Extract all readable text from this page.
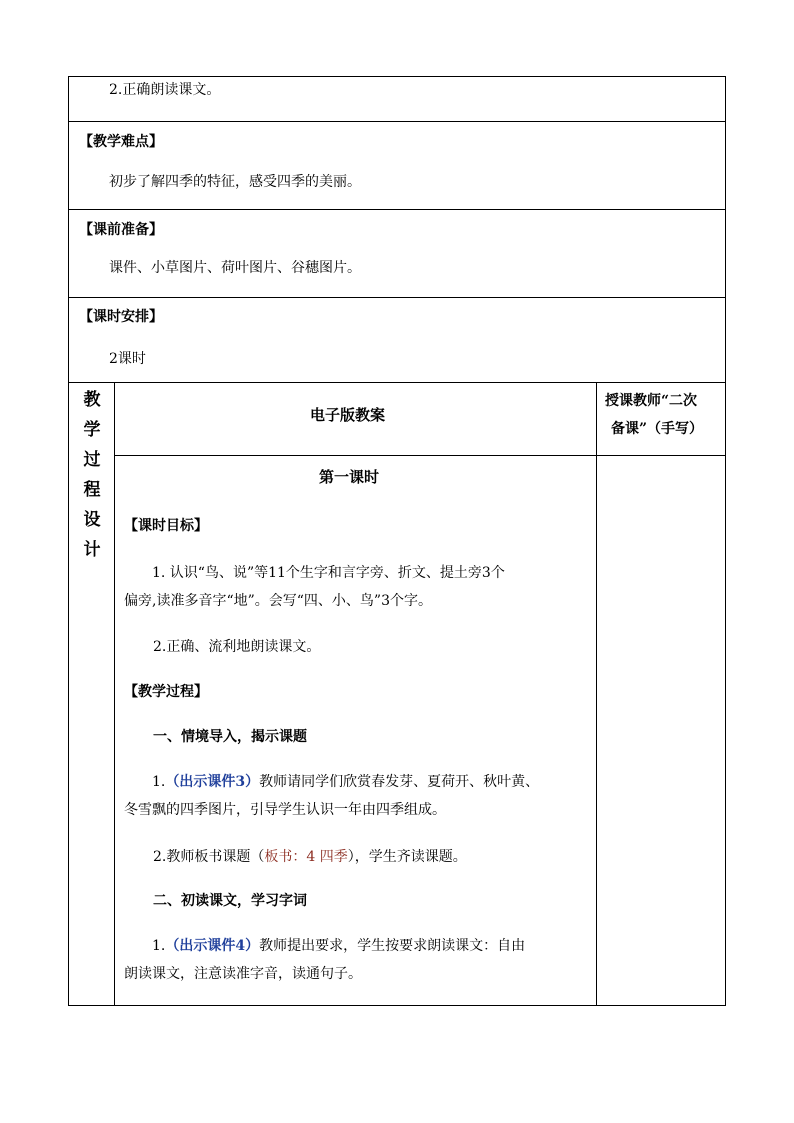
2.正确朗读课文。
【教学难点】
初步了解四季的特征，感受四季的美丽。
【课前准备】
课件、小草图片、荷叶图片、谷穗图片。
【课时安排】
2课时
教
学
过
程
设
计
电子版教案
授课教师“二次
备课”（手写）
第一课时
【课时目标】
1. 认识“鸟、说”等11个生字和言字旁、折文、提土旁3个
偏旁,读准多音字“地”。会写“四、小、鸟”3个字。
2.正确、流利地朗读课文。
【教学过程】
一、情境导入，揭示课题
1.（出示课件3）教师请同学们欣赏春发芽、夏荷开、秋叶黄、
冬雪飘的四季图片，引导学生认识一年由四季组成。
2.教师板书课题（板书：4 四季），学生齐读课题。
二、初读课文，学习字词
1.（出示课件4）教师提出要求，学生按要求朗读课文：自由
朗读课文，注意读准字音，读通句子。
